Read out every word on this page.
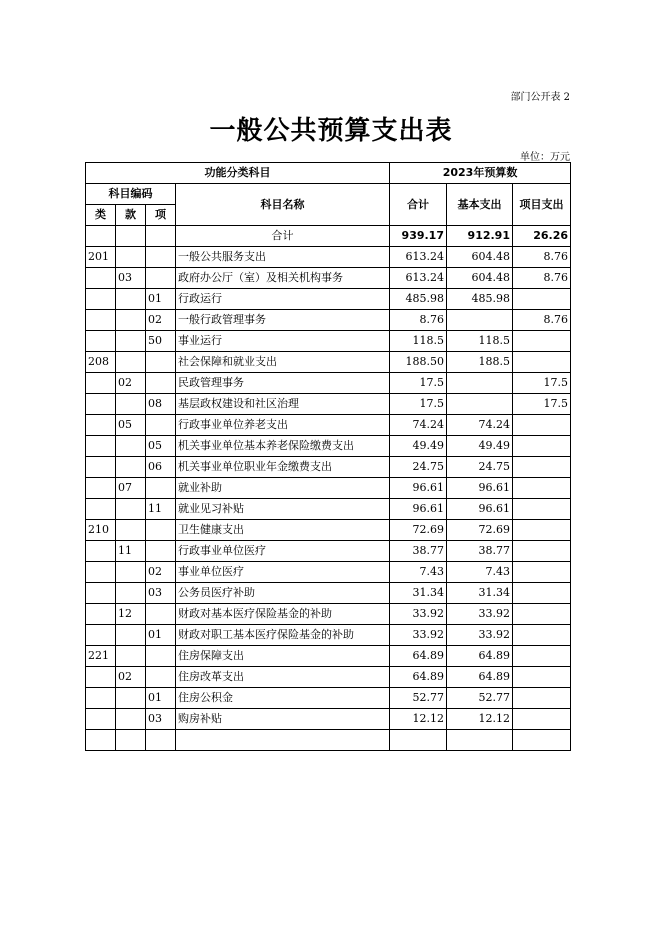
部门公开表 2
一般公共预算支出表
单位：万元
功能分类科目				2023年预算数		
科目编码			科目名称	合计	基本支出	项目支出
类	款	项				
			合计	939.17	912.91	26.26
201			一般公共服务支出	613.24	604.48	8.76
	03		政府办公厅（室）及相关机构事务	613.24	604.48	8.76
		01	行政运行	485.98	485.98	
		02	一般行政管理事务	8.76		8.76
		50	事业运行	118.5	118.5	
208			社会保障和就业支出	188.50	188.5	
	02		民政管理事务	17.5		17.5
		08	基层政权建设和社区治理	17.5		17.5
	05		行政事业单位养老支出	74.24	74.24	
		05	机关事业单位基本养老保险缴费支出	49.49	49.49	
		06	机关事业单位职业年金缴费支出	24.75	24.75	
	07		就业补助	96.61	96.61	
		11	就业见习补贴	96.61	96.61	
210			卫生健康支出	72.69	72.69	
	11		行政事业单位医疗	38.77	38.77	
		02	事业单位医疗	7.43	7.43	
		03	公务员医疗补助	31.34	31.34	
	12		财政对基本医疗保险基金的补助	33.92	33.92	
		01	财政对职工基本医疗保险基金的补助	33.92	33.92	
221			住房保障支出	64.89	64.89	
	02		住房改革支出	64.89	64.89	
		01	住房公积金	52.77	52.77	
		03	购房补贴	12.12	12.12	
